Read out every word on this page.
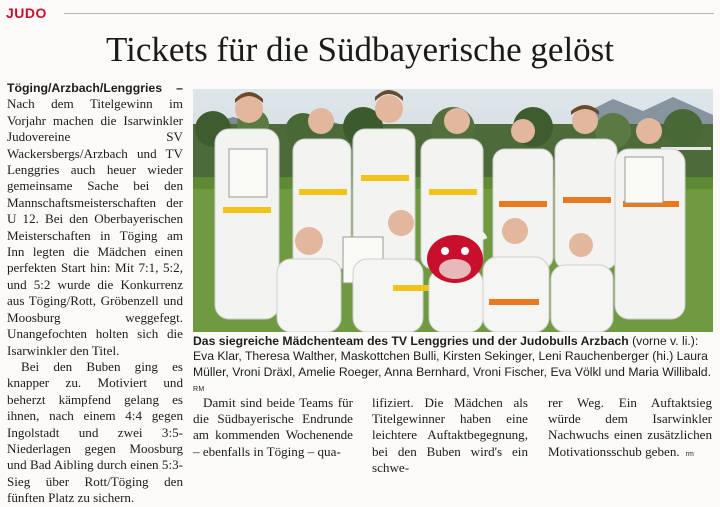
JUDO
Tickets für die Südbayerische gelöst

Töging/Arzbach/Lenggries – Nach dem Titelgewinn im Vorjahr machen die Isarwinkler Judovereine SV Wackersbergs/Arzbach und TV Lenggries auch heuer wieder gemeinsame Sache bei den Mannschaftsmeisterschaften der U 12. Bei den Oberbayerischen Meisterschaften in Töging am Inn legten die Mädchen einen perfekten Start hin: Mit 7:1, 5:2, und 5:2 wurde die Konkurrenz aus Töging/Rott, Gröbenzell und Moosburg weggefegt. Unangefochten holten sich die Isarwinkler den Titel.

Bei den Buben ging es knapper zu. Motiviert und beherzt kämpfend gelang es ihnen, nach einem 4:4 gegen Ingolstadt und zwei 3:5-Niederlagen gegen Moosburg und Bad Aibling durch einen 5:3-Sieg über Rott/Töging den fünften Platz zu sichern.

Das siegreiche Mädchenteam des TV Lenggries und der Judobulls Arzbach (vorne v. li.): Eva Klar, Theresa Walther, Maskottchen Bulli, Kirsten Sekinger, Leni Rauchenberger (hi.) Laura Müller, Vroni Dräxl, Amelie Roeger, Anna Bernhard, Vroni Fischer, Eva Völkl und Maria Willibald. RM

Damit sind beide Teams für die Südbayerische Endrunde am kommenden Wochenende – ebenfalls in Töging – qua-

lifiziert. Die Mädchen als Titelgewinner haben eine leichtere Auftaktbegegnung, bei den Buben wird's ein schwe-

rer Weg. Ein Auftaktsieg würde dem Isarwinkler Nachwuchs einen zusätzlichen Motivationsschub geben. rm
